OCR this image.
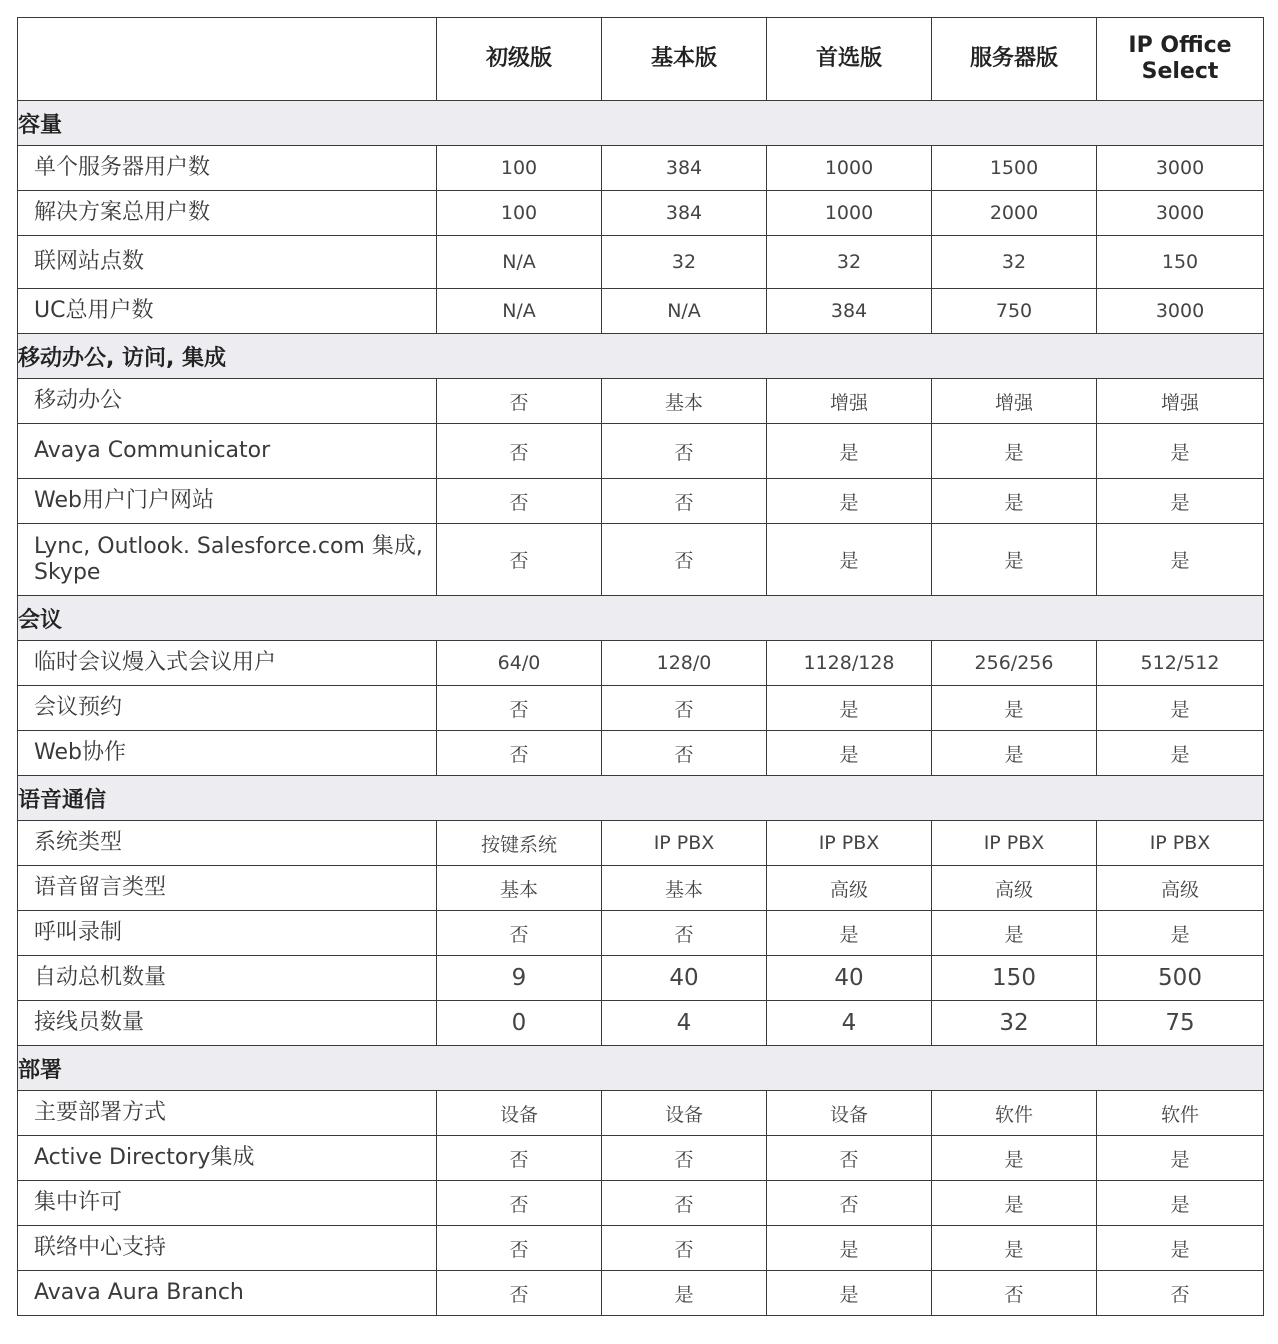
	初级版	基本版	首选版	服务器版	IP Office Select
容量					
单个服务器用户数	100	384	1000	1500	3000
解决方案总用户数	100	384	1000	2000	3000
联网站点数	N/A	32	32	32	150
UC总用户数	N/A	N/A	384	750	3000
移动办公, 访问, 集成					
移动办公	否	基本	增强	增强	增强
Avaya Communicator	否	否	是	是	是
Web用户门户网站	否	否	是	是	是
Lync, Outlook. Salesforce.com 集成, Skype	否	否	是	是	是
会议					
临时会议熳入式会议用户	64/0	128/0	1128/128	256/256	512/512
会议预约	否	否	是	是	是
Web协作	否	否	是	是	是
语音通信					
系统类型	按键系统	IP PBX	IP PBX	IP PBX	IP PBX
语音留言类型	基本	基本	高级	高级	高级
呼叫录制	否	否	是	是	是
自动总机数量	9	40	40	150	500
接线员数量	0	4	4	32	75
部署					
主要部署方式	设备	设备	设备	软件	软件
Active Directory集成	否	否	否	是	是
集中许可	否	否	否	是	是
联络中心支持	否	否	是	是	是
Avava Aura Branch	否	是	是	否	否
